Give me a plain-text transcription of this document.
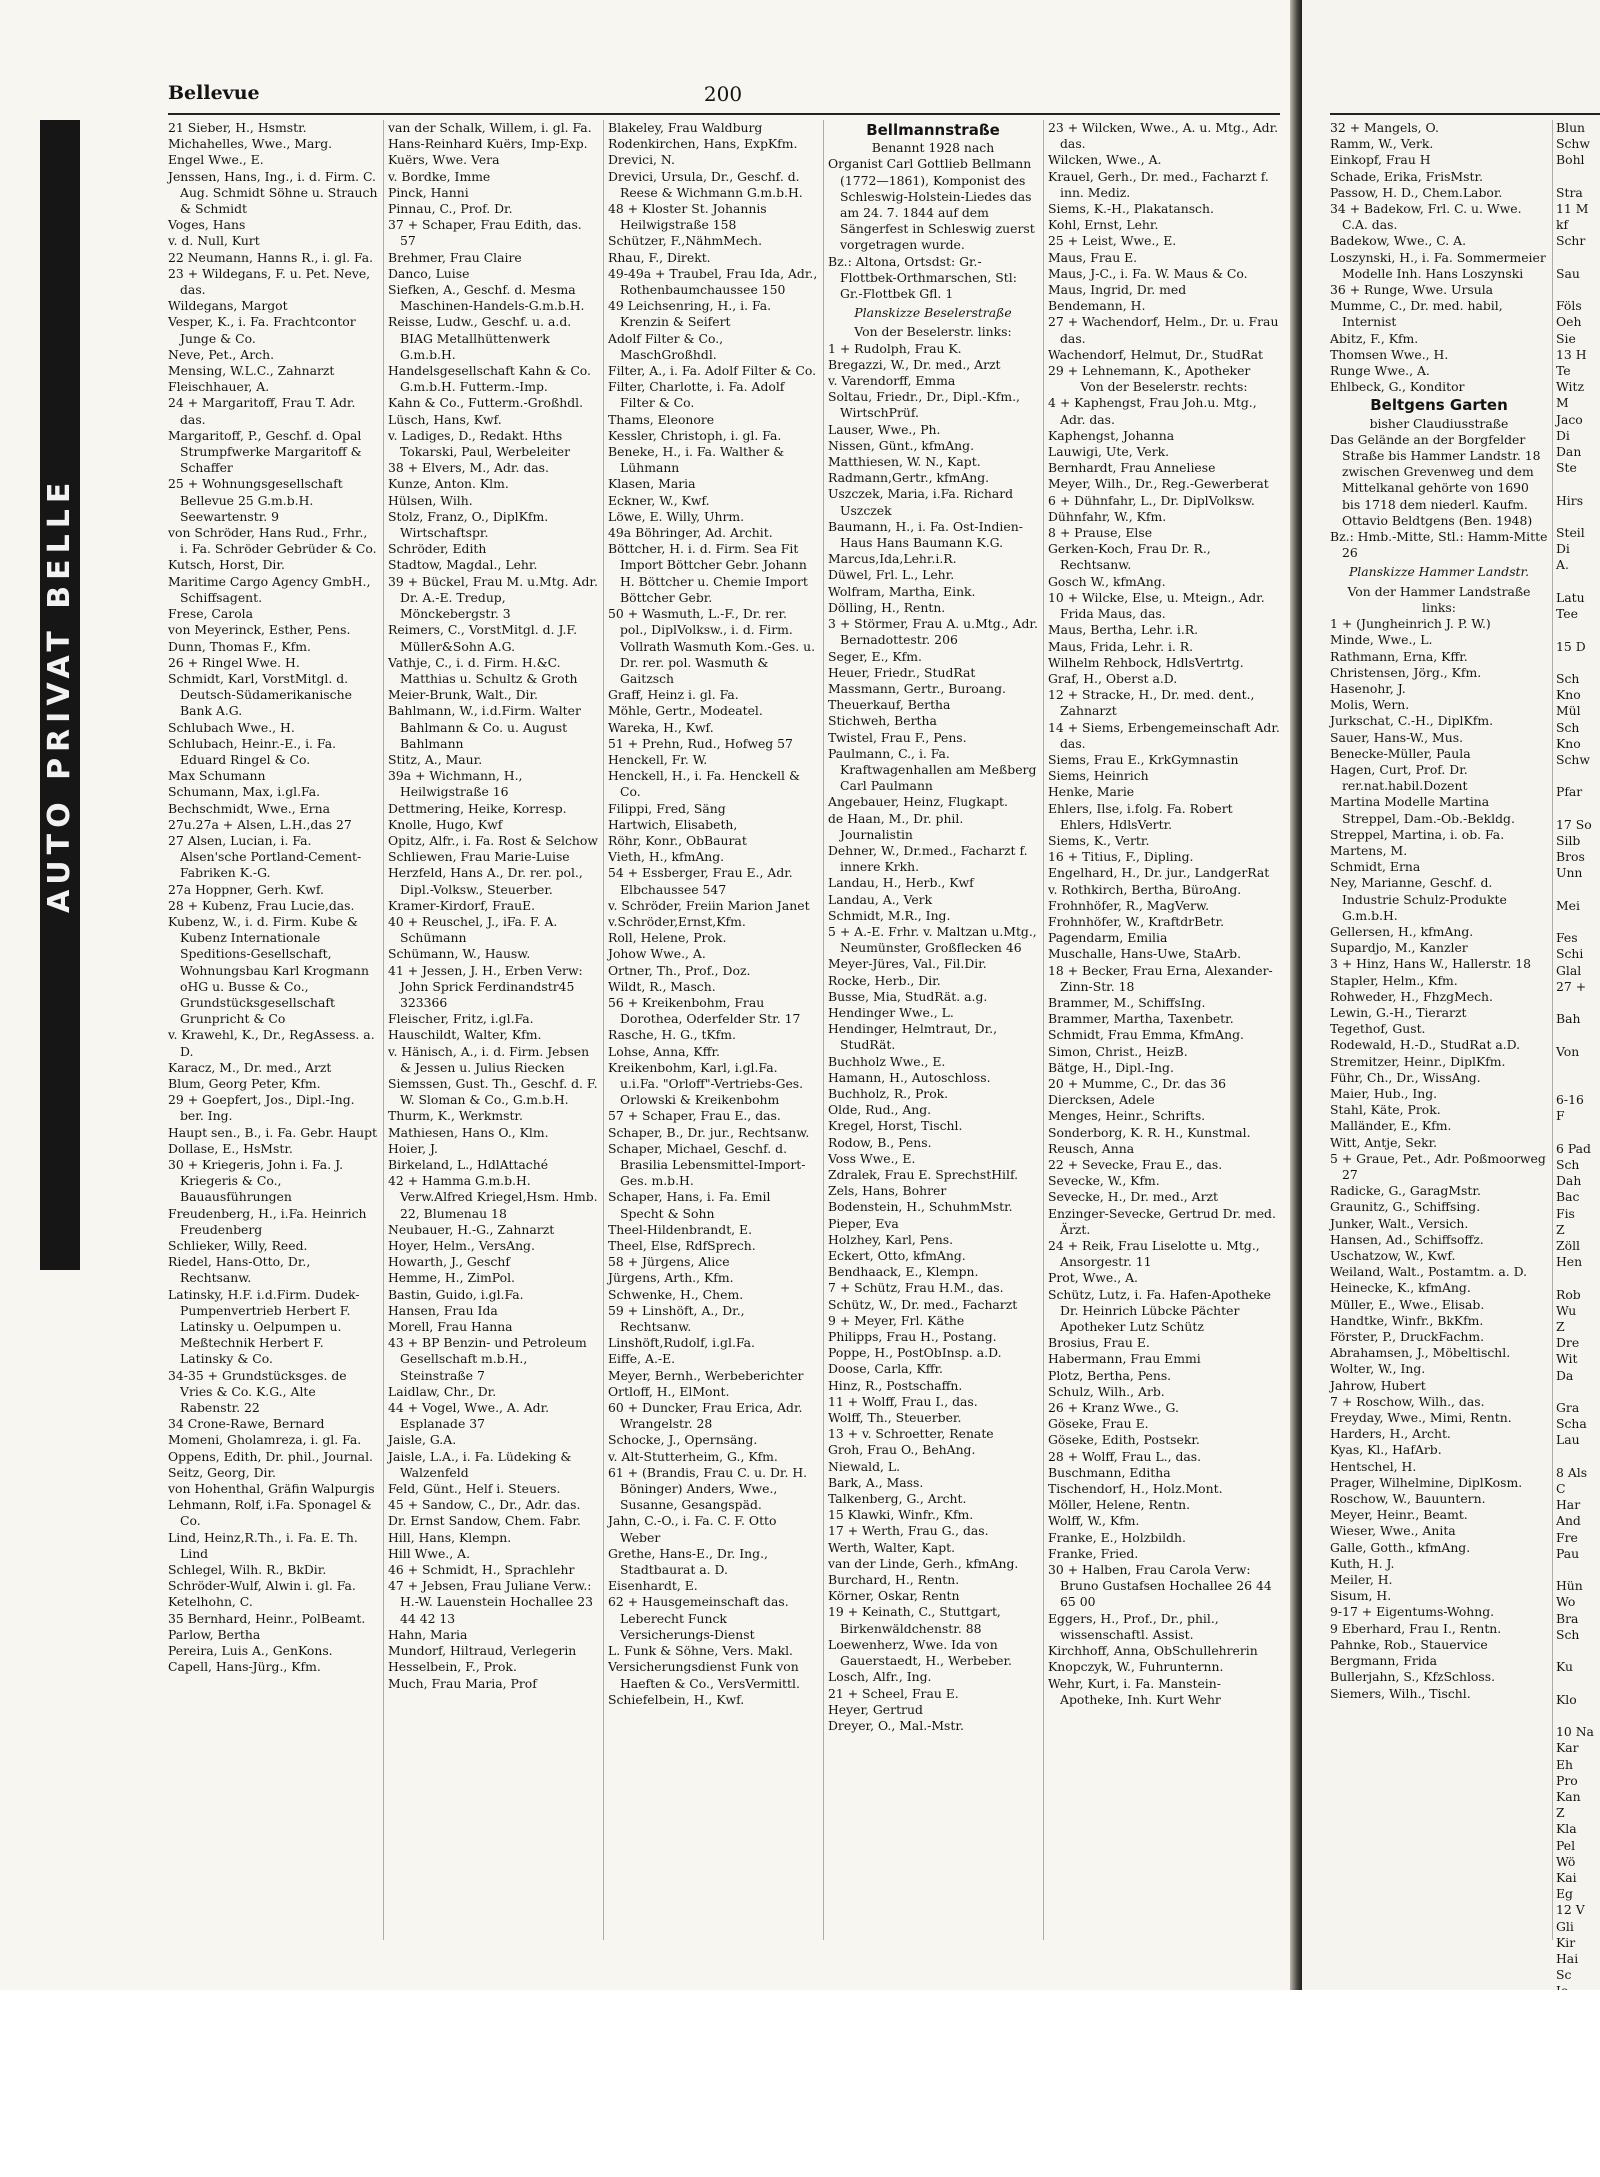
AUTO PRIVAT BELLE
Bellevue	200

21 Sieber, H., Hsmstr.

Michahelles, Wwe., Marg.

Engel Wwe., E.

Jenssen, Hans, Ing., i. d. Firm. C. Aug. Schmidt Söhne u. Strauch & Schmidt

Voges, Hans

v. d. Null, Kurt

22 Neumann, Hanns R., i. gl. Fa.

23 + Wildegans, F. u. Pet. Neve, das.

Wildegans, Margot

Vesper, K., i. Fa. Frachtcontor Junge & Co.

Neve, Pet., Arch.

Mensing, W.L.C., Zahnarzt

Fleischhauer, A.

24 + Margaritoff, Frau T. Adr. das.

Margaritoff, P., Geschf. d. Opal Strumpfwerke Margaritoff & Schaffer

25 + Wohnungsgesellschaft Bellevue 25 G.m.b.H. Seewartenstr. 9

von Schröder, Hans Rud., Frhr., i. Fa. Schröder Gebrüder & Co.

Kutsch, Horst, Dir.

Maritime Cargo Agency GmbH., Schiffsagent.

Frese, Carola

von Meyerinck, Esther, Pens.

Dunn, Thomas F., Kfm.

26 + Ringel Wwe. H.

Schmidt, Karl, VorstMitgl. d. Deutsch-Südamerikanische Bank A.G.

Schlubach Wwe., H.

Schlubach, Heinr.-E., i. Fa. Eduard Ringel & Co.

Max Schumann

Schumann, Max, i.gl.Fa.

Bechschmidt, Wwe., Erna

27u.27a + Alsen, L.H.,das 27

27 Alsen, Lucian, i. Fa. Alsen'sche Portland-Cement-Fabriken K.-G.

27a Hoppner, Gerh. Kwf.

28 + Kubenz, Frau Lucie,das.

Kubenz, W., i. d. Firm. Kube & Kubenz Internationale Speditions-Gesellschaft, Wohnungsbau Karl Krogmann oHG u. Busse & Co., Grundstücksgesellschaft Grunpricht & Co

v. Krawehl, K., Dr., RegAssess. a. D.

Karacz, M., Dr. med., Arzt

Blum, Georg Peter, Kfm.

29 + Goepfert, Jos., Dipl.-Ing. ber. Ing.

Haupt sen., B., i. Fa. Gebr. Haupt

Dollase, E., HsMstr.

30 + Kriegeris, John i. Fa. J. Kriegeris & Co., Bauausführungen

Freudenberg, H., i.Fa. Heinrich Freudenberg

Schlieker, Willy, Reed.

Riedel, Hans-Otto, Dr., Rechtsanw.

Latinsky, H.F. i.d.Firm. Dudek-Pumpenvertrieb Herbert F. Latinsky u. Oelpumpen u. Meßtechnik Herbert F. Latinsky & Co.

34-35 + Grundstücksges. de Vries & Co. K.G., Alte Rabenstr. 22

34 Crone-Rawe, Bernard

Momeni, Gholamreza, i. gl. Fa.

Oppens, Edith, Dr. phil., Journal.

Seitz, Georg, Dir.

von Hohenthal, Gräfin Walpurgis

Lehmann, Rolf, i.Fa. Sponagel & Co.

Lind, Heinz,R.Th., i. Fa. E. Th. Lind

Schlegel, Wilh. R., BkDir.

Schröder-Wulf, Alwin i. gl. Fa.

Ketelhohn, C.

35 Bernhard, Heinr., PolBeamt.

Parlow, Bertha

Pereira, Luis A., GenKons.

Capell, Hans-Jürg., Kfm.

van der Schalk, Willem, i. gl. Fa.

Hans-Reinhard Kuërs, Imp-Exp.

Kuërs, Wwe. Vera

v. Bordke, Imme

Pinck, Hanni

Pinnau, C., Prof. Dr.

37 + Schaper, Frau Edith, das. 57

Brehmer, Frau Claire

Danco, Luise

Siefken, A., Geschf. d. Mesma Maschinen-Handels-G.m.b.H.

Reisse, Ludw., Geschf. u. a.d. BIAG Metallhüttenwerk G.m.b.H.

Handelsgesellschaft Kahn & Co. G.m.b.H. Futterm.-Imp.

Kahn & Co., Futterm.-Großhdl.

Lüsch, Hans, Kwf.

v. Ladiges, D., Redakt. Hths Tokarski, Paul, Werbeleiter

38 + Elvers, M., Adr. das.

Kunze, Anton. Klm.

Hülsen, Wilh.

Stolz, Franz, O., DiplKfm. Wirtschaftspr.

Schröder, Edith

Stadtow, Magdal., Lehr.

39 + Bückel, Frau M. u.Mtg. Adr. Dr. A.-E. Tredup, Mönckebergstr. 3

Reimers, C., VorstMitgl. d. J.F. Müller&Sohn A.G.

Vathje, C., i. d. Firm. H.&C. Matthias u. Schultz & Groth

Meier-Brunk, Walt., Dir.

Bahlmann, W., i.d.Firm. Walter Bahlmann & Co. u. August Bahlmann

Stitz, A., Maur.

39a + Wichmann, H., Heilwigstraße 16

Dettmering, Heike, Korresp.

Knolle, Hugo, Kwf

Opitz, Alfr., i. Fa. Rost & Selchow

Schliewen, Frau Marie-Luise

Herzfeld, Hans A., Dr. rer. pol., Dipl.-Volksw., Steuerber.

Kramer-Kirdorf, FrauE.

40 + Reuschel, J., iFa. F. A. Schümann

Schümann, W., Hausw.

41 + Jessen, J. H., Erben Verw: John Sprick Ferdinandstr45 323366

Fleischer, Fritz, i.gl.Fa.

Hauschildt, Walter, Kfm.

v. Hänisch, A., i. d. Firm. Jebsen & Jessen u. Julius Riecken

Siemssen, Gust. Th., Geschf. d. F. W. Sloman & Co., G.m.b.H.

Thurm, K., Werkmstr.

Mathiesen, Hans O., Klm.

Hoier, J.

Birkeland, L., HdlAttaché

42 + Hamma G.m.b.H. Verw.Alfred Kriegel,Hsm. Hmb. 22, Blumenau 18

Neubauer, H.-G., Zahnarzt

Hoyer, Helm., VersAng.

Howarth, J., Geschf

Hemme, H., ZimPol.

Bastin, Guido, i.gl.Fa.

Hansen, Frau Ida

Morell, Frau Hanna

43 + BP Benzin- und Petroleum Gesellschaft m.b.H., Steinstraße 7

Laidlaw, Chr., Dr.

44 + Vogel, Wwe., A. Adr. Esplanade 37

Jaisle, G.A.

Jaisle, L.A., i. Fa. Lüdeking & Walzenfeld

Feld, Günt., Helf i. Steuers.

45 + Sandow, C., Dr., Adr. das.

Dr. Ernst Sandow, Chem. Fabr.

Hill, Hans, Klempn.

Hill Wwe., A.

46 + Schmidt, H., Sprachlehr

47 + Jebsen, Frau Juliane Verw.: H.-W. Lauenstein Hochallee 23 44 42 13

Hahn, Maria

Mundorf, Hiltraud, Verlegerin

Hesselbein, F., Prok.

Much, Frau Maria, Prof

Blakeley, Frau Waldburg

Rodenkirchen, Hans, ExpKfm.

Drevici, N.

Drevici, Ursula, Dr., Geschf. d. Reese & Wichmann G.m.b.H.

48 + Kloster St. Johannis Heilwigstraße 158

Schützer, F.,NähmMech.

Rhau, F., Direkt.

49-49a + Traubel, Frau Ida, Adr., Rothenbaumchaussee 150

49 Leichsenring, H., i. Fa. Krenzin & Seifert

Adolf Filter & Co., MaschGroßhdl.

Filter, A., i. Fa. Adolf Filter & Co.

Filter, Charlotte, i. Fa. Adolf Filter & Co.

Thams, Eleonore

Kessler, Christoph, i. gl. Fa.

Beneke, H., i. Fa. Walther & Lühmann

Klasen, Maria

Eckner, W., Kwf.

Löwe, E. Willy, Uhrm.

49a Böhringer, Ad. Archit.

Böttcher, H. i. d. Firm. Sea Fit Import Böttcher Gebr. Johann H. Böttcher u. Chemie Import Böttcher Gebr.

50 + Wasmuth, L.-F., Dr. rer. pol., DiplVolksw., i. d. Firm. Vollrath Wasmuth Kom.-Ges. u. Dr. rer. pol. Wasmuth & Gaitzsch

Graff, Heinz i. gl. Fa.

Möhle, Gertr., Modeatel.

Wareka, H., Kwf.

51 + Prehn, Rud., Hofweg 57

Henckell, Fr. W.

Henckell, H., i. Fa. Henckell & Co.

Filippi, Fred, Säng

Hartwich, Elisabeth,

Röhr, Konr., ObBaurat

Vieth, H., kfmAng.

54 + Essberger, Frau E., Adr. Elbchaussee 547

v. Schröder, Freiin Marion Janet

v.Schröder,Ernst,Kfm.

Roll, Helene, Prok.

Johow Wwe., A.

Ortner, Th., Prof., Doz.

Wildt, R., Masch.

56 + Kreikenbohm, Frau Dorothea, Oderfelder Str. 17

Rasche, H. G., tKfm.

Lohse, Anna, Kffr.

Kreikenbohm, Karl, i.gl.Fa. u.i.Fa. "Orloff"-Vertriebs-Ges. Orlowski & Kreikenbohm

57 + Schaper, Frau E., das.

Schaper, B., Dr. jur., Rechtsanw.

Schaper, Michael, Geschf. d. Brasilia Lebensmittel-Import-Ges. m.b.H.

Schaper, Hans, i. Fa. Emil Specht & Sohn

Theel-Hildenbrandt, E.

Theel, Else, RdfSprech.

58 + Jürgens, Alice

Jürgens, Arth., Kfm.

Schwenke, H., Chem.

59 + Linshöft, A., Dr., Rechtsanw.

Linshöft,Rudolf, i.gl.Fa.

Eiffe, A.-E.

Meyer, Bernh., Werbeberichter

Ortloff, H., ElMont.

60 + Duncker, Frau Erica, Adr. Wrangelstr. 28

Schocke, J., Opernsäng.

v. Alt-Stutterheim, G., Kfm.

61 + (Brandis, Frau C. u. Dr. H. Böninger) Anders, Wwe., Susanne, Gesangspäd.

Jahn, C.-O., i. Fa. C. F. Otto Weber

Grethe, Hans-E., Dr. Ing., Stadtbaurat a. D.

Eisenhardt, E.

62 + Hausgemeinschaft das. Leberecht Funck Versicherungs-Dienst

L. Funk & Söhne, Vers. Makl.

Versicherungsdienst Funk von Haeften & Co., VersVermittl.

Schiefelbein, H., Kwf.

Bellmannstraße

Benannt 1928 nach

Organist Carl Gottlieb Bellmann (1772—1861), Komponist des Schleswig-Holstein-Liedes das am 24. 7. 1844 auf dem Sängerfest in Schleswig zuerst vorgetragen wurde.

Bz.: Altona, Ortsdst: Gr.-Flottbek-Orthmarschen, Stl: Gr.-Flottbek Gfl. 1

Planskizze Beselerstraße

Von der Beselerstr. links:

1 + Rudolph, Frau K.

Bregazzi, W., Dr. med., Arzt

v. Varendorff, Emma

Soltau, Friedr., Dr., Dipl.-Kfm., WirtschPrüf.

Lauser, Wwe., Ph.

Nissen, Günt., kfmAng.

Matthiesen, W. N., Kapt.

Radmann,Gertr., kfmAng.

Uszczek, Maria, i.Fa. Richard Uszczek

Baumann, H., i. Fa. Ost-Indien-Haus Hans Baumann K.G.

Marcus,Ida,Lehr.i.R.

Düwel, Frl. L., Lehr.

Wolfram, Martha, Eink.

Dölling, H., Rentn.

3 + Störmer, Frau A. u.Mtg., Adr. Bernadottestr. 206

Seger, E., Kfm.

Heuer, Friedr., StudRat

Massmann, Gertr., Buroang.

Theuerkauf, Bertha

Stichweh, Bertha

Twistel, Frau F., Pens.

Paulmann, C., i. Fa. Kraftwagenhallen am Meßberg Carl Paulmann

Angebauer, Heinz, Flugkapt.

de Haan, M., Dr. phil. Journalistin

Dehner, W., Dr.med., Facharzt f. innere Krkh.

Landau, H., Herb., Kwf

Landau, A., Verk

Schmidt, M.R., Ing.

5 + A.-E. Frhr. v. Maltzan u.Mtg., Neumünster, Großflecken 46

Meyer-Jüres, Val., Fil.Dir.

Rocke, Herb., Dir.

Busse, Mia, StudRät. a.g.

Hendinger Wwe., L.

Hendinger, Helmtraut, Dr., StudRät.

Buchholz Wwe., E.

Hamann, H., Autoschloss.

Buchholz, R., Prok.

Olde, Rud., Ang.

Kregel, Horst, Tischl.

Rodow, B., Pens.

Voss Wwe., E.

Zdralek, Frau E. SprechstHilf.

Zels, Hans, Bohrer

Bodenstein, H., SchuhmMstr.

Pieper, Eva

Holzhey, Karl, Pens.

Eckert, Otto, kfmAng.

Bendhaack, E., Klempn.

7 + Schütz, Frau H.M., das.

Schütz, W., Dr. med., Facharzt

9 + Meyer, Frl. Käthe

Philipps, Frau H., Postang.

Poppe, H., PostObInsp. a.D.

Doose, Carla, Kffr.

Hinz, R., Postschaffn.

11 + Wolff, Frau I., das.

Wolff, Th., Steuerber.

13 + v. Schroetter, Renate

Groh, Frau O., BehAng.

Niewald, L.

Bark, A., Mass.

Talkenberg, G., Archt.

15 Klawki, Winfr., Kfm.

17 + Werth, Frau G., das.

Werth, Walter, Kapt.

van der Linde, Gerh., kfmAng.

Burchard, H., Rentn.

Körner, Oskar, Rentn

19 + Keinath, C., Stuttgart, Birkenwäldchenstr. 88

Loewenherz, Wwe. Ida von Gauerstaedt, H., Werbeber.

Losch, Alfr., Ing.

21 + Scheel, Frau E.

Heyer, Gertrud

Dreyer, O., Mal.-Mstr.

23 + Wilcken, Wwe., A. u. Mtg., Adr. das.

Wilcken, Wwe., A.

Krauel, Gerh., Dr. med., Facharzt f. inn. Mediz.

Siems, K.-H., Plakatansch.

Kohl, Ernst, Lehr.

25 + Leist, Wwe., E.

Maus, Frau E.

Maus, J-C., i. Fa. W. Maus & Co.

Maus, Ingrid, Dr. med

Bendemann, H.

27 + Wachendorf, Helm., Dr. u. Frau das.

Wachendorf, Helmut, Dr., StudRat

29 + Lehnemann, K., Apotheker

Von der Beselerstr. rechts:

4 + Kaphengst, Frau Joh.u. Mtg., Adr. das.

Kaphengst, Johanna

Lauwigi, Ute, Verk.

Bernhardt, Frau Anneliese

Meyer, Wilh., Dr., Reg.-Gewerberat

6 + Dühnfahr, L., Dr. DiplVolksw.

Dühnfahr, W., Kfm.

8 + Prause, Else

Gerken-Koch, Frau Dr. R., Rechtsanw.

Gosch W., kfmAng.

10 + Wilcke, Else, u. Mteign., Adr. Frida Maus, das.

Maus, Bertha, Lehr. i.R.

Maus, Frida, Lehr. i. R.

Wilhelm Rehbock, HdlsVertrtg.

Graf, H., Oberst a.D.

12 + Stracke, H., Dr. med. dent., Zahnarzt

14 + Siems, Erbengemeinschaft Adr. das.

Siems, Frau E., KrkGymnastin

Siems, Heinrich

Henke, Marie

Ehlers, Ilse, i.folg. Fa. Robert Ehlers, HdlsVertr.

Siems, K., Vertr.

16 + Titius, F., Dipling.

Engelhard, H., Dr. jur., LandgerRat

v. Rothkirch, Bertha, BüroAng.

Frohnhöfer, R., MagVerw.

Frohnhöfer, W., KraftdrBetr.

Pagendarm, Emilia

Muschalle, Hans-Uwe, StaArb.

18 + Becker, Frau Erna, Alexander-Zinn-Str. 18

Brammer, M., SchiffsIng.

Brammer, Martha, Taxenbetr.

Schmidt, Frau Emma, KfmAng.

Simon, Christ., HeizB.

Bätge, H., Dipl.-Ing.

20 + Mumme, C., Dr. das 36

Diercksen, Adele

Menges, Heinr., Schrifts.

Sonderborg, K. R. H., Kunstmal.

Reusch, Anna

22 + Sevecke, Frau E., das.

Sevecke, W., Kfm.

Sevecke, H., Dr. med., Arzt

Enzinger-Sevecke, Gertrud Dr. med. Ärzt.

24 + Reik, Frau Liselotte u. Mtg., Ansorgestr. 11

Prot, Wwe., A.

Schütz, Lutz, i. Fa. Hafen-Apotheke Dr. Heinrich Lübcke Pächter Apotheker Lutz Schütz

Brosius, Frau E.

Habermann, Frau Emmi

Plotz, Bertha, Pens.

Schulz, Wilh., Arb.

26 + Kranz Wwe., G.

Göseke, Frau E.

Göseke, Edith, Postsekr.

28 + Wolff, Frau L., das.

Buschmann, Editha

Tischendorf, H., Holz.Mont.

Möller, Helene, Rentn.

Wolff, W., Kfm.

Franke, E., Holzbildh.

Franke, Fried.

30 + Halben, Frau Carola Verw: Bruno Gustafsen Hochallee 26 44 65 00

Eggers, H., Prof., Dr., phil., wissenschaftl. Assist.

Kirchhoff, Anna, ObSchullehrerin

Knopczyk, W., Fuhrunternn.

Wehr, Kurt, i. Fa. Manstein-Apotheke, Inh. Kurt Wehr

32 + Mangels, O.

Ramm, W., Verk.

Einkopf, Frau H

Schade, Erika, FrisMstr.

Passow, H. D., Chem.Labor.

34 + Badekow, Frl. C. u. Wwe. C.A. das.

Badekow, Wwe., C. A.

Loszynski, H., i. Fa. Sommermeier Modelle Inh. Hans Loszynski

36 + Runge, Wwe. Ursula

Mumme, C., Dr. med. habil, Internist

Abitz, F., Kfm.

Thomsen Wwe., H.

Runge Wwe., A.

Ehlbeck, G., Konditor

Beltgens Garten

bisher Claudiusstraße

Das Gelände an der Borgfelder Straße bis Hammer Landstr. 18 zwischen Grevenweg und dem Mittelkanal gehörte von 1690 bis 1718 dem niederl. Kaufm. Ottavio Beldtgens (Ben. 1948)

Bz.: Hmb.-Mitte, Stl.: Hamm-Mitte 26

Planskizze Hammer Landstr.

Von der Hammer Landstraße links:

1 + (Jungheinrich J. P. W.)

Minde, Wwe., L.

Rathmann, Erna, Kffr.

Christensen, Jörg., Kfm.

Hasenohr, J.

Molis, Wern.

Jurkschat, C.-H., DiplKfm.

Sauer, Hans-W., Mus.

Benecke-Müller, Paula

Hagen, Curt, Prof. Dr. rer.nat.habil.Dozent

Martina Modelle Martina Streppel, Dam.-Ob.-Bekldg.

Streppel, Martina, i. ob. Fa.

Martens, M.

Schmidt, Erna

Ney, Marianne, Geschf. d. Industrie Schulz-Produkte G.m.b.H.

Gellersen, H., kfmAng.

Supardjo, M., Kanzler

3 + Hinz, Hans W., Hallerstr. 18

Stapler, Helm., Kfm.

Rohweder, H., FhzgMech.

Lewin, G.-H., Tierarzt

Tegethof, Gust.

Rodewald, H.-D., StudRat a.D.

Stremitzer, Heinr., DiplKfm.

Führ, Ch., Dr., WissAng.

Maier, Hub., Ing.

Stahl, Käte, Prok.

Malländer, E., Kfm.

Witt, Antje, Sekr.

5 + Graue, Pet., Adr. Poßmoorweg 27

Radicke, G., GaragMstr.

Graunitz, G., Schiffsing.

Junker, Walt., Versich.

Hansen, Ad., Schiffsoffz.

Uschatzow, W., Kwf.

Weiland, Walt., Postamtm. a. D.

Heinecke, K., kfmAng.

Müller, E., Wwe., Elisab.

Handtke, Winfr., BkKfm.

Förster, P., DruckFachm.

Abrahamsen, J., Möbeltischl.

Wolter, W., Ing.

Jahrow, Hubert

7 + Roschow, Wilh., das.

Freyday, Wwe., Mimi, Rentn.

Harders, H., Archt.

Kyas, Kl., HafArb.

Hentschel, H.

Prager, Wilhelmine, DiplKosm.

Roschow, W., Bauuntern.

Meyer, Heinr., Beamt.

Wieser, Wwe., Anita

Galle, Gotth., kfmAng.

Kuth, H. J.

Meiler, H.

Sisum, H.

9-17 + Eigentums-Wohng.

9 Eberhard, Frau I., Rentn.

Pahnke, Rob., Stauervice

Bergmann, Frida

Bullerjahn, S., KfzSchloss.

Siemers, Wilh., Tischl.

Blun
Schw
Bohl

Stra
11 M
kf
Schr

Sau

Föls
Oeh
Sie
13 H
Te
Witz
M
Jaco
Di
Dan
Ste

Hirs

Steil
Di
A.

Latu
Tee

15 D

Sch
Kno
Mül
Sch
Kno
Schw

Pfar

17 So
Silb
Bros
Unn

Mei

Fes
Schi
Glal
27 +

Bah

Von

6-16
F

6 Pad
Sch
Dah
Bac
Fis
Z
Zöll
Hen

Rob
Wu
Z
Dre
Wit
Da

Gra
Scha
Lau

8 Als
C
Har
And
Fre
Pau

Hün
Wo
Bra
Sch

Ku

Klo

10 Na
Kar
Eh
Pro
Kan
Z
Kla
Pel
Wö
Kai
Eg
12 V
Gli
Kir
Hai
Sc
